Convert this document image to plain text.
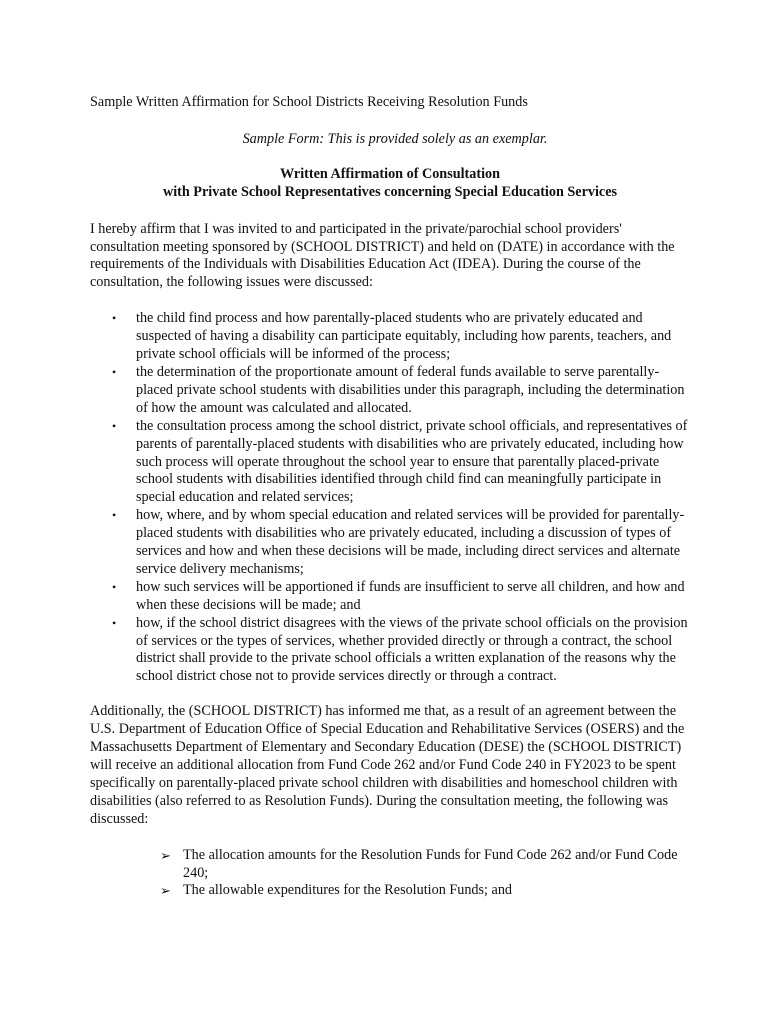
Sample Written Affirmation for School Districts Receiving Resolution Funds
Sample Form: This is provided solely as an exemplar.
Written Affirmation of Consultation
with Private School Representatives concerning Special Education Services
I hereby affirm that I was invited to and participated in the private/parochial school providers' consultation meeting sponsored by (SCHOOL DISTRICT) and held on (DATE) in accordance with the requirements of the Individuals with Disabilities Education Act (IDEA). During the course of the consultation, the following issues were discussed:
• the child find process and how parentally-placed students who are privately educated and suspected of having a disability can participate equitably, including how parents, teachers, and private school officials will be informed of the process;
• the determination of the proportionate amount of federal funds available to serve parentally-placed private school students with disabilities under this paragraph, including the determination of how the amount was calculated and allocated.
• the consultation process among the school district, private school officials, and representatives of parents of parentally-placed students with disabilities who are privately educated, including how such process will operate throughout the school year to ensure that parentally placed-private school students with disabilities identified through child find can meaningfully participate in special education and related services;
• how, where, and by whom special education and related services will be provided for parentally-placed students with disabilities who are privately educated, including a discussion of types of services and how and when these decisions will be made, including direct services and alternate service delivery mechanisms;
• how such services will be apportioned if funds are insufficient to serve all children, and how and when these decisions will be made; and
• how, if the school district disagrees with the views of the private school officials on the provision of services or the types of services, whether provided directly or through a contract, the school district shall provide to the private school officials a written explanation of the reasons why the school district chose not to provide services directly or through a contract.
Additionally, the (SCHOOL DISTRICT) has informed me that, as a result of an agreement between the U.S. Department of Education Office of Special Education and Rehabilitative Services (OSERS) and the Massachusetts Department of Elementary and Secondary Education (DESE) the (SCHOOL DISTRICT) will receive an additional allocation from Fund Code 262 and/or Fund Code 240 in FY2023 to be spent specifically on parentally-placed private school children with disabilities and homeschool children with disabilities (also referred to as Resolution Funds). During the consultation meeting, the following was discussed:
➢ The allocation amounts for the Resolution Funds for Fund Code 262 and/or Fund Code 240;
➢ The allowable expenditures for the Resolution Funds; and
